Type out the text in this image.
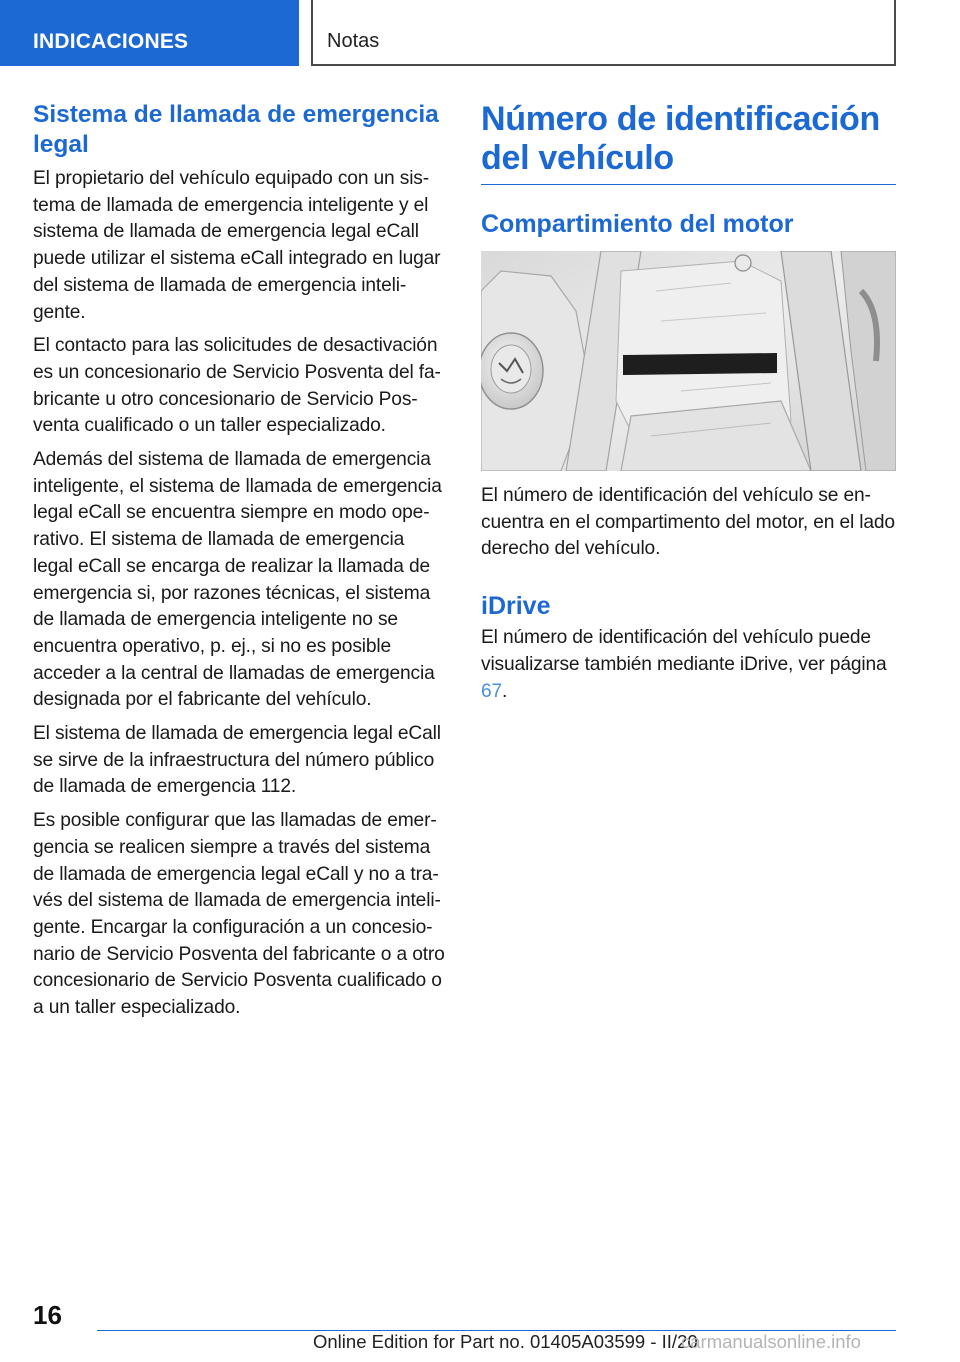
INDICACIONES	Notas
Sistema de llamada de emergencia legal

El propietario del vehículo equipado con un sistema de llamada de emergencia inteligente y el sistema de llamada de emergencia legal eCall puede utilizar el sistema eCall integrado en lugar del sistema de llamada de emergencia inteligente.

El contacto para las solicitudes de desactivación es un concesionario de Servicio Posventa del fabricante u otro concesionario de Servicio Posventa cualificado o un taller especializado.

Además del sistema de llamada de emergencia inteligente, el sistema de llamada de emergencia legal eCall se encuentra siempre en modo operativo. El sistema de llamada de emergencia legal eCall se encarga de realizar la llamada de emergencia si, por razones técnicas, el sistema de llamada de emergencia inteligente no se encuentra operativo, p. ej., si no es posible acceder a la central de llamadas de emergencia designada por el fabricante del vehículo.

El sistema de llamada de emergencia legal eCall se sirve de la infraestructura del número público de llamada de emergencia 112.

Es posible configurar que las llamadas de emergencia se realicen siempre a través del sistema de llamada de emergencia legal eCall y no a través del sistema de llamada de emergencia inteligente. Encargar la configuración a un concesionario de Servicio Posventa del fabricante o a otro concesionario de Servicio Posventa cualificado o a un taller especializado.

Número de identificación del vehículo
Compartimiento del motor

El número de identificación del vehículo se encuentra en el compartimento del motor, en el lado derecho del vehículo.

iDrive

El número de identificación del vehículo puede visualizarse también mediante iDrive, ver página 67.

16
Online Edition for Part no. 01405A03599 - II/20
carmanualsonline.info
